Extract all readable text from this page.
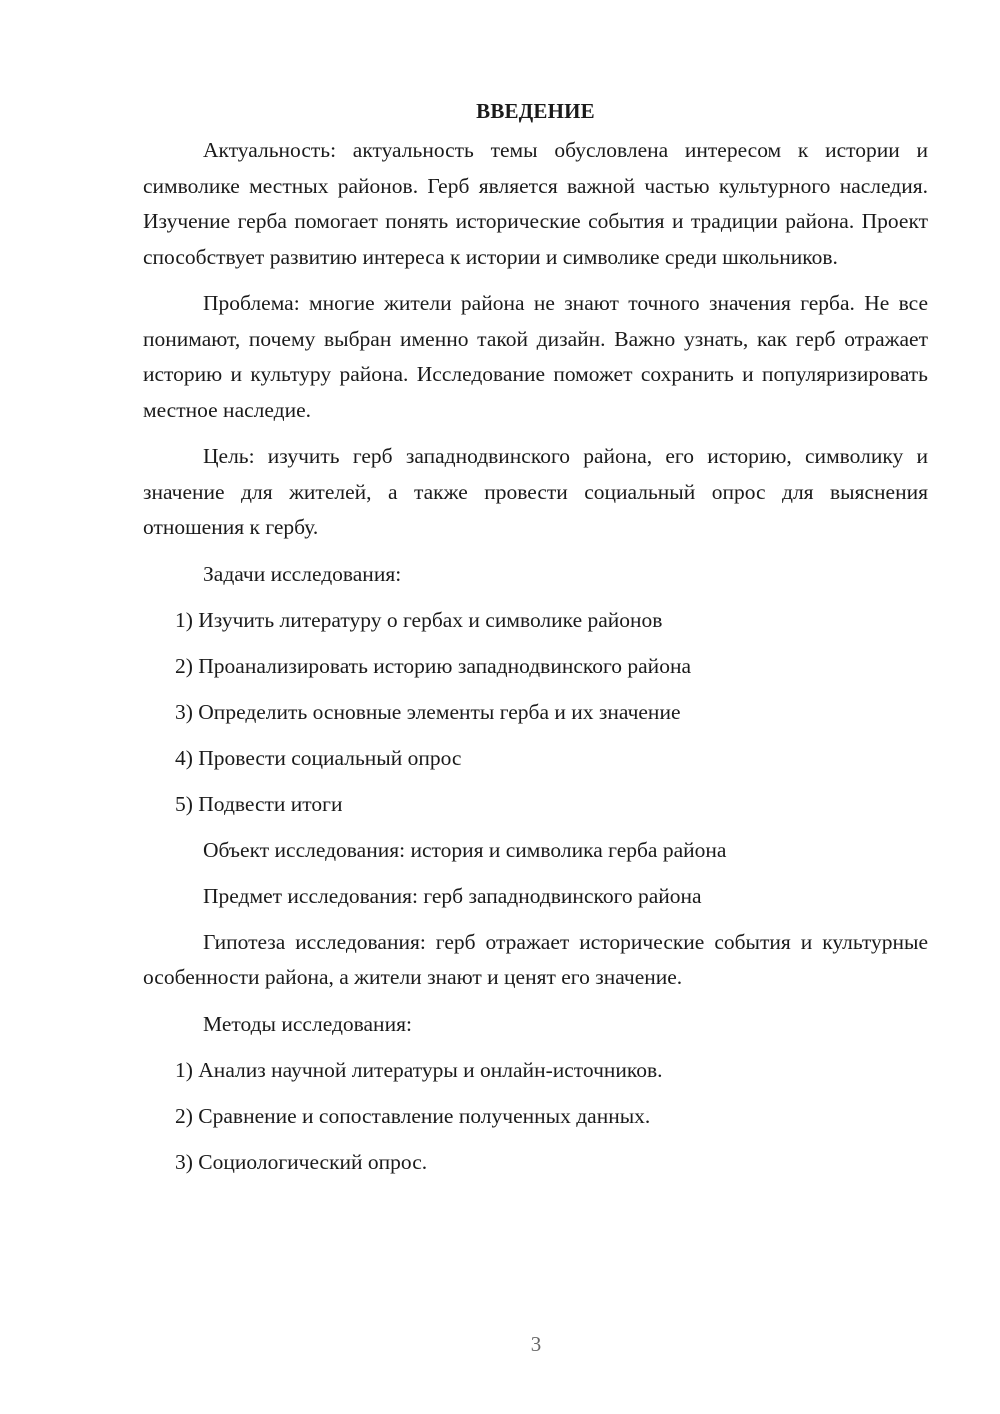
ВВЕДЕНИЕ

Актуальность: актуальность темы обусловлена интересом к истории и символике местных районов. Герб является важной частью культурного наследия. Изучение герба помогает понять исторические события и традиции района. Проект способствует развитию интереса к истории и символике среди школьников.

Проблема: многие жители района не знают точного значения герба. Не все понимают, почему выбран именно такой дизайн. Важно узнать, как герб отражает историю и культуру района. Исследование поможет сохранить и популяризировать местное наследие.

Цель: изучить герб западнодвинского района, его историю, символику и значение для жителей, а также провести социальный опрос для выяснения отношения к гербу.

Задачи исследования:
1) Изучить литературу о гербах и символике районов
2) Проанализировать историю западнодвинского района
3) Определить основные элементы герба и их значение
4) Провести социальный опрос
5) Подвести итоги
Объект исследования: история и символика герба района
Предмет исследования: герб западнодвинского района

Гипотеза исследования: герб отражает исторические события и культурные особенности района, а жители знают и ценят его значение.

Методы исследования:
1) Анализ научной литературы и онлайн-источников.
2) Сравнение и сопоставление полученных данных.
3) Социологический опрос.
3
